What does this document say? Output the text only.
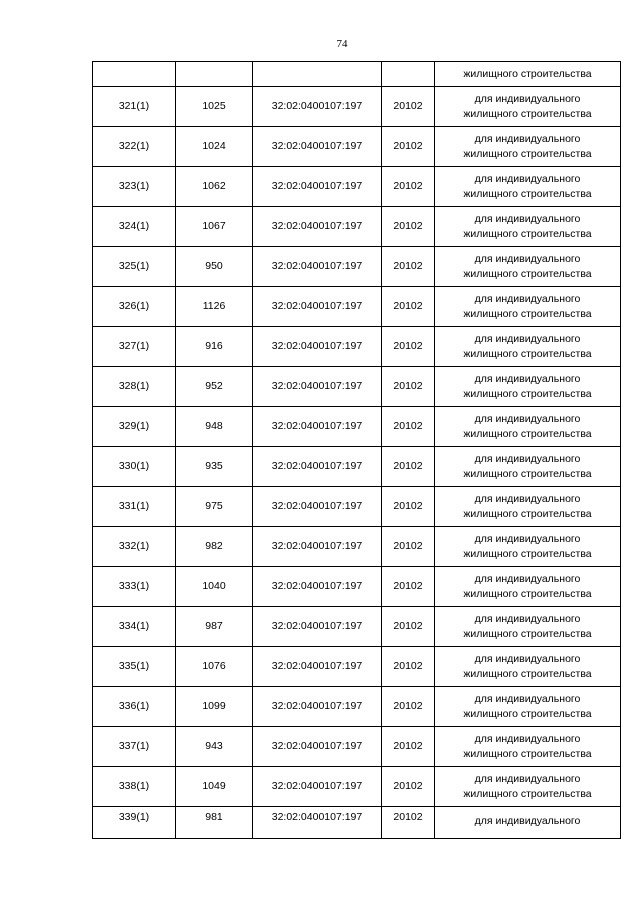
74
				жилищного строительства
321(1)	1025	32:02:0400107:197	20102	для индивидуального
жилищного строительства

322(1)	1024	32:02:0400107:197	20102	для индивидуального
жилищного строительства

323(1)	1062	32:02:0400107:197	20102	для индивидуального
жилищного строительства

324(1)	1067	32:02:0400107:197	20102	для индивидуального
жилищного строительства

325(1)	950	32:02:0400107:197	20102	для индивидуального
жилищного строительства

326(1)	1126	32:02:0400107:197	20102	для индивидуального
жилищного строительства

327(1)	916	32:02:0400107:197	20102	для индивидуального
жилищного строительства

328(1)	952	32:02:0400107:197	20102	для индивидуального
жилищного строительства

329(1)	948	32:02:0400107:197	20102	для индивидуального
жилищного строительства

330(1)	935	32:02:0400107:197	20102	для индивидуального
жилищного строительства

331(1)	975	32:02:0400107:197	20102	для индивидуального
жилищного строительства

332(1)	982	32:02:0400107:197	20102	для индивидуального
жилищного строительства

333(1)	1040	32:02:0400107:197	20102	для индивидуального
жилищного строительства

334(1)	987	32:02:0400107:197	20102	для индивидуального
жилищного строительства

335(1)	1076	32:02:0400107:197	20102	для индивидуального
жилищного строительства

336(1)	1099	32:02:0400107:197	20102	для индивидуального
жилищного строительства

337(1)	943	32:02:0400107:197	20102	для индивидуального
жилищного строительства

338(1)	1049	32:02:0400107:197	20102	для индивидуального
жилищного строительства

339(1)	981	32:02:0400107:197	20102	для индивидуального
